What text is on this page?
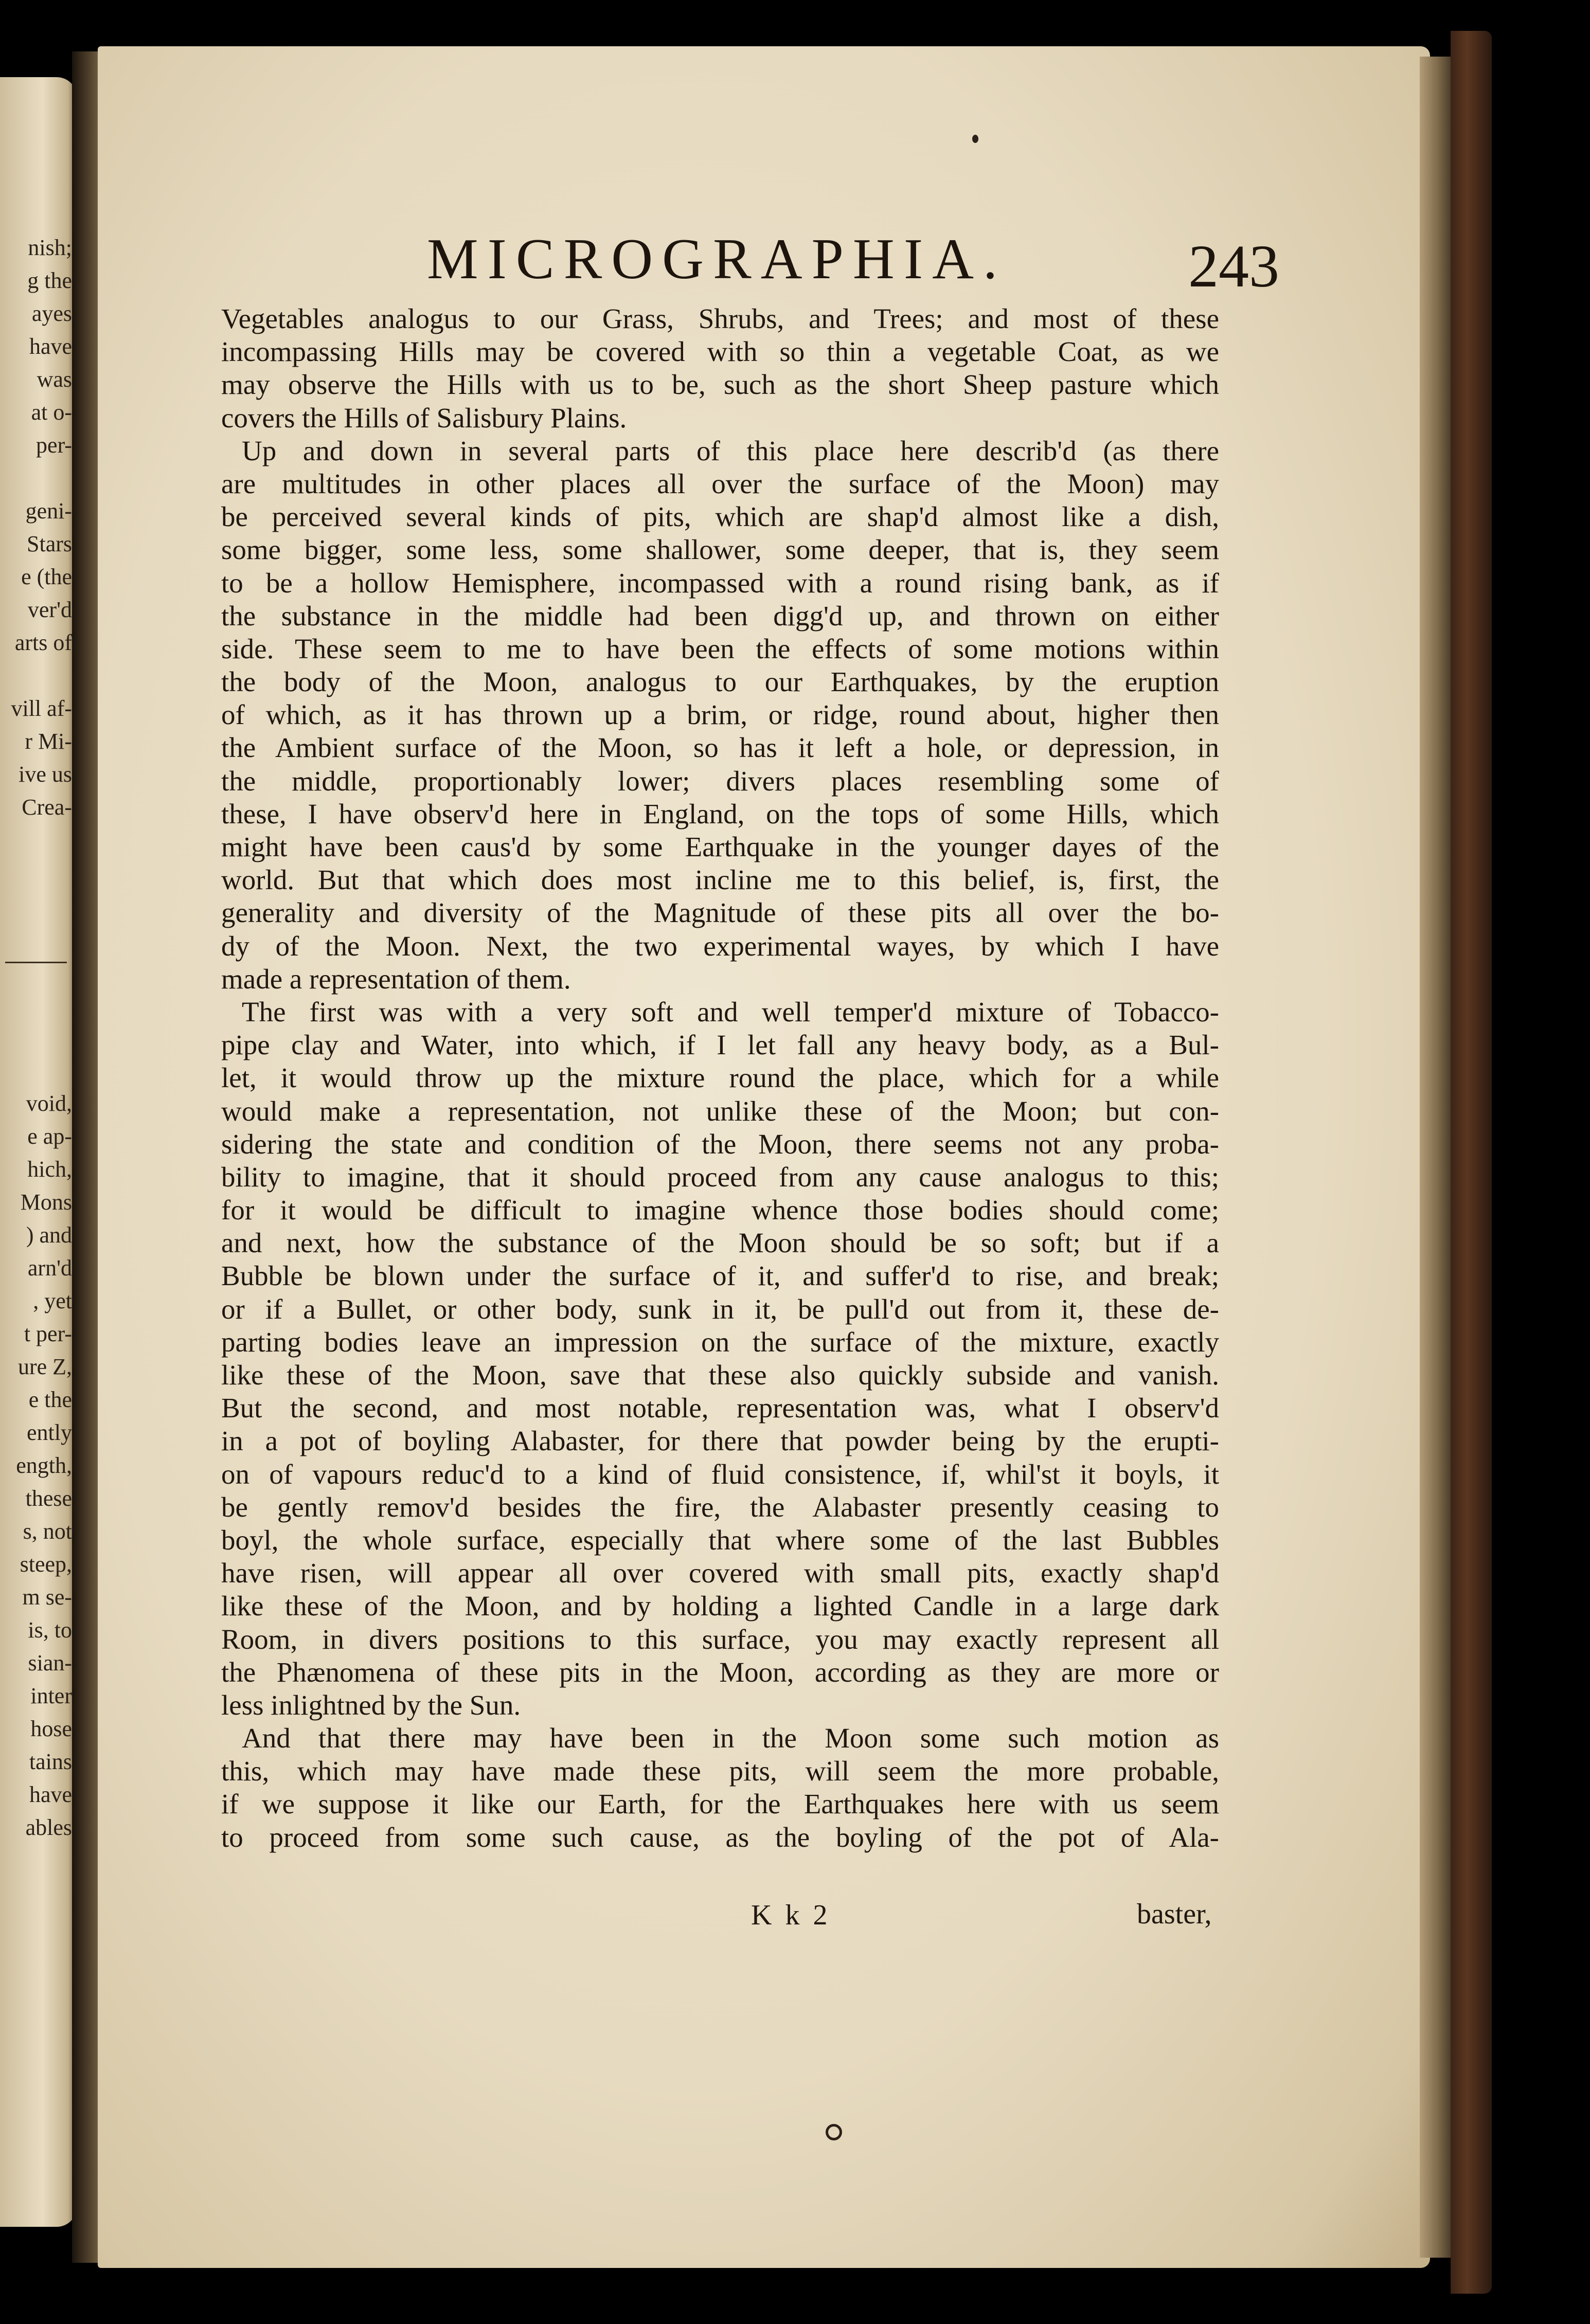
nish;
g the
ayes
have
was
at o-
per-
geni-
Stars
e (the
ver'd
arts of
vill af-
r Mi-
ive us
Crea-
void,
e ap-
hich,
Mons
) and
arn'd
, yet
t per-
ure Z,
e the
ently
ength,
these
s, not
steep,
m se-
is, to
sian-
inter
hose
tains
have
ables
MICROGRAPHIA.	243
Vegetables analogus to our Grass, Shrubs, and Trees; and most of these
incompassing Hills may be covered with so thin a vegetable Coat, as we
may observe the Hills with us to be, such as the short Sheep pasture which
covers the Hills of Salisbury Plains.
Up and down in several parts of this place here describ'd (as there
are multitudes in other places all over the surface of the Moon) may
be perceived several kinds of pits, which are shap'd almost like a dish,
some bigger, some less, some shallower, some deeper, that is, they seem
to be a hollow Hemisphere, incompassed with a round rising bank, as if
the substance in the middle had been digg'd up, and thrown on either
side. These seem to me to have been the effects of some motions within
the body of the Moon, analogus to our Earthquakes, by the eruption
of which, as it has thrown up a brim, or ridge, round about, higher then
the Ambient surface of the Moon, so has it left a hole, or depression, in
the middle, proportionably lower; divers places resembling some of
these, I have observ'd here in England, on the tops of some Hills, which
might have been caus'd by some Earthquake in the younger dayes of the
world. But that which does most incline me to this belief, is, first, the
generality and diversity of the Magnitude of these pits all over the bo-
dy of the Moon. Next, the two experimental wayes, by which I have
made a representation of them.
The first was with a very soft and well temper'd mixture of Tobacco-
pipe clay and Water, into which, if I let fall any heavy body, as a Bul-
let, it would throw up the mixture round the place, which for a while
would make a representation, not unlike these of the Moon; but con-
sidering the state and condition of the Moon, there seems not any proba-
bility to imagine, that it should proceed from any cause analogus to this;
for it would be difficult to imagine whence those bodies should come;
and next, how the substance of the Moon should be so soft; but if a
Bubble be blown under the surface of it, and suffer'd to rise, and break;
or if a Bullet, or other body, sunk in it, be pull'd out from it, these de-
parting bodies leave an impression on the surface of the mixture, exactly
like these of the Moon, save that these also quickly subside and vanish.
But the second, and most notable, representation was, what I observ'd
in a pot of boyling Alabaster, for there that powder being by the erupti-
on of vapours reduc'd to a kind of fluid consistence, if, whil'st it boyls, it
be gently remov'd besides the fire, the Alabaster presently ceasing to
boyl, the whole surface, especially that where some of the last Bubbles
have risen, will appear all over covered with small pits, exactly shap'd
like these of the Moon, and by holding a lighted Candle in a large dark
Room, in divers positions to this surface, you may exactly represent all
the Phænomena of these pits in the Moon, according as they are more or
less inlightned by the Sun.
And that there may have been in the Moon some such motion as
this, which may have made these pits, will seem the more probable,
if we suppose it like our Earth, for the Earthquakes here with us seem
to proceed from some such cause, as the boyling of the pot of Ala-
K k 2	baster,
